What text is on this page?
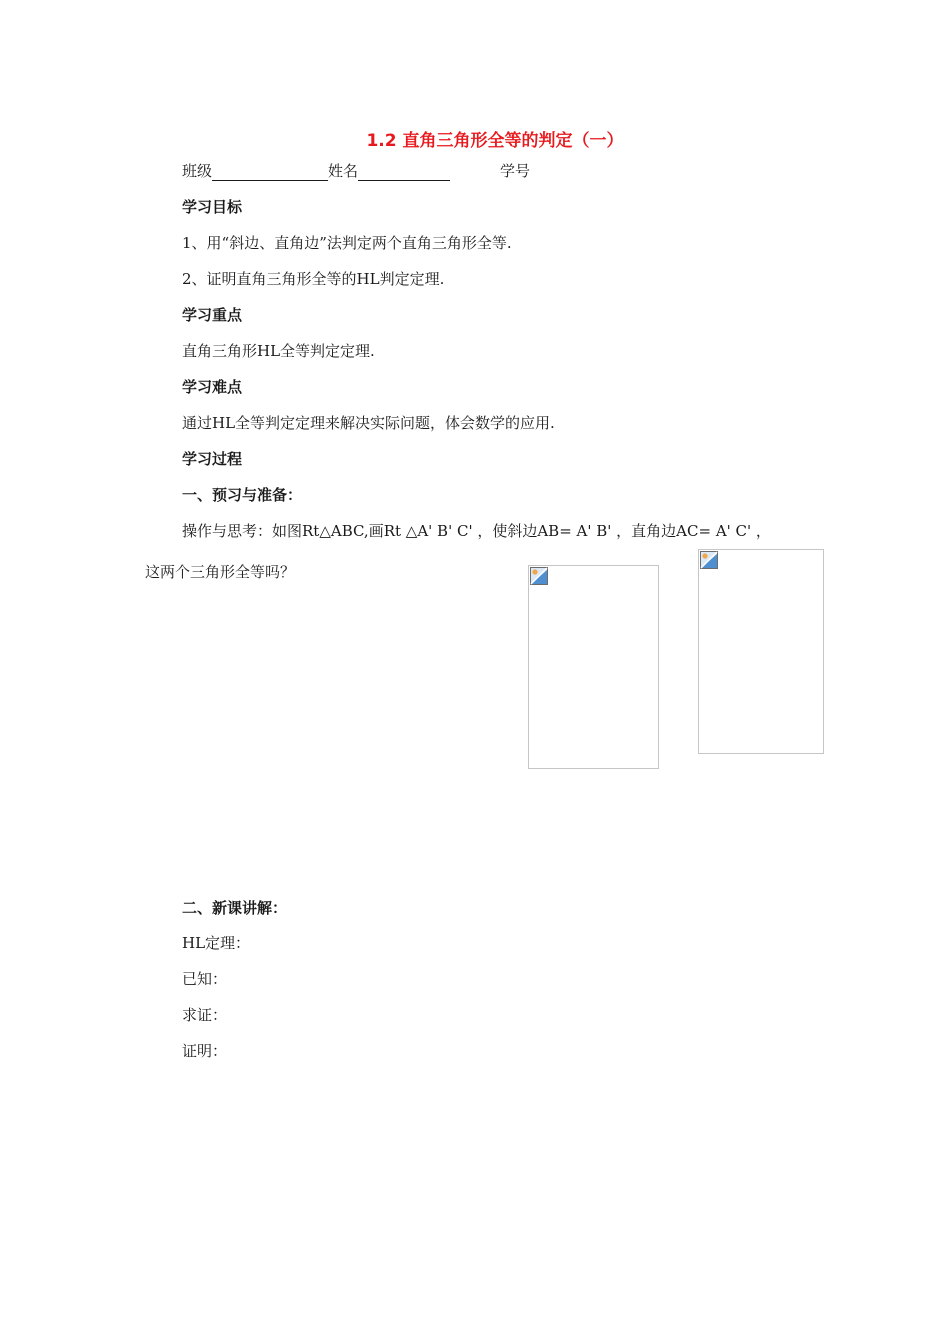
1.2 直角三角形全等的判定（一）
班级	姓名	学号
学习目标
1、用“斜边、直角边”法判定两个直角三角形全等.
2、证明直角三角形全等的HL判定定理.
学习重点
直角三角形HL全等判定定理.
学习难点
通过HL全等判定定理来解决实际问题，体会数学的应用.
学习过程
一、预习与准备：
操作与思考：如图Rt△ABC,画Rt △A' B' C' ，使斜边AB= A' B' ，直角边AC= A' C' ，
这两个三角形全等吗？
二、新课讲解：
HL定理：
已知：
求证：
证明：
